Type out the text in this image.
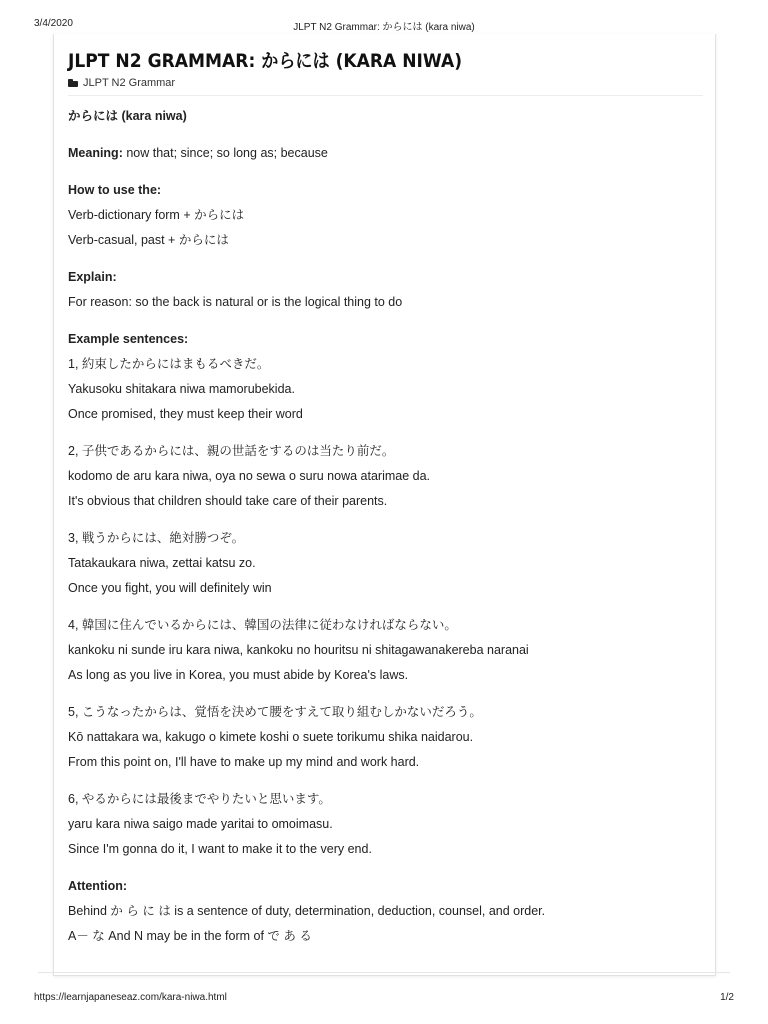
3/4/2020	JLPT N2 Grammar: からには (kara niwa)
JLPT N2 GRAMMAR: からには (KARA NIWA)
JLPT N2 Grammar

からには (kara niwa)

Meaning: now that; since; so long as; because

How to use the:

Verb-dictionary form + からには

Verb-casual, past + からには

Explain:

For reason: so the back is natural or is the logical thing to do

Example sentences:

1, 約束したからにはまもるべきだ。

Yakusoku shitakara niwa mamorubekida.

Once promised, they must keep their word

2, 子供であるからには、親の世話をするのは当たり前だ。

kodomo de aru kara niwa, oya no sewa o suru nowa atarimae da.

It's obvious that children should take care of their parents.

3, 戦うからには、絶対勝つぞ。

Tatakaukara niwa, zettai katsu zo.

Once you fight, you will definitely win

4, 韓国に住んでいるからには、韓国の法律に従わなければならない。

kankoku ni sunde iru kara niwa, kankoku no houritsu ni shitagawanakereba naranai

As long as you live in Korea, you must abide by Korea's laws.

5, こうなったからは、覚悟を決めて腰をすえて取り組むしかないだろう。

Kō nattakara wa, kakugo o kimete koshi o suete torikumu shika naidarou.

From this point on, I'll have to make up my mind and work hard.

6, やるからには最後までやりたいと思います。

yaru kara niwa saigo made yaritai to omoimasu.

Since I'm gonna do it, I want to make it to the very end.

Attention:

Behind か ら に は is a sentence of duty, determination, deduction, counsel, and order.

A－ な And N may be in the form of で あ る

https://learnjapaneseaz.com/kara-niwa.html	1/2
